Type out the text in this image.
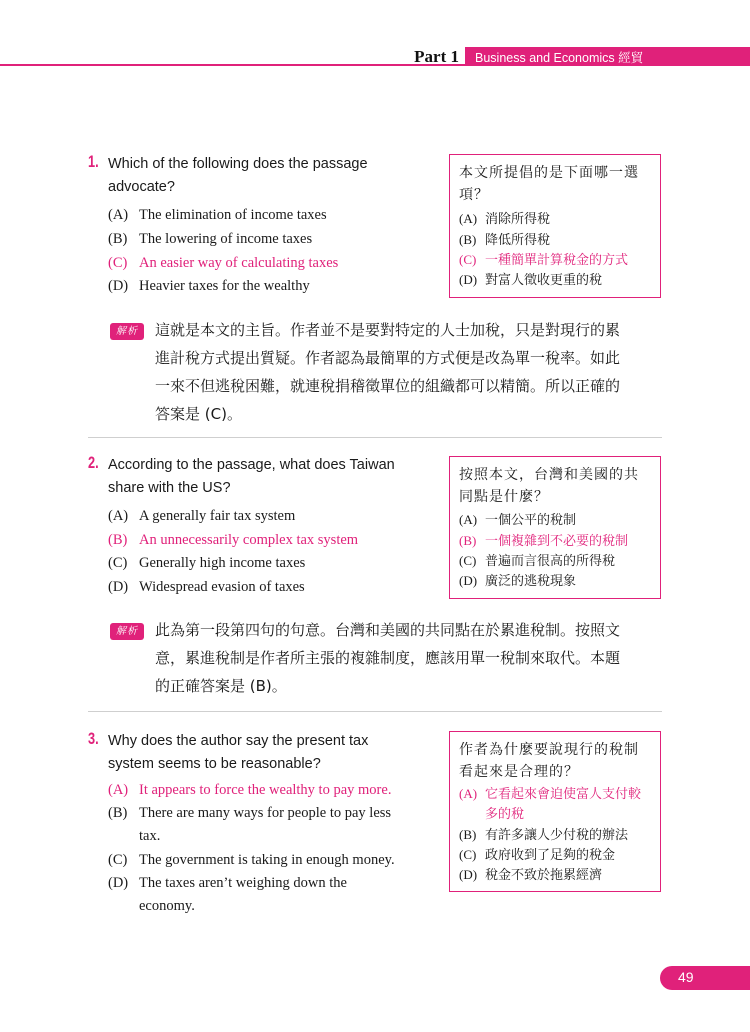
Part 1 Business and Economics 經貿
1. Which of the following does the passage
advocate?
(A) The elimination of income taxes
(B) The lowering of income taxes
(C) An easier way of calculating taxes
(D) Heavier taxes for the wealthy
本文所提倡的是下面哪一選
項？
(A) 消除所得稅
(B) 降低所得稅
(C) 一種簡單計算稅金的方式
(D) 對富人徵收更重的稅
解析	這就是本文的主旨。作者並不是要對特定的人士加稅，只是對現行的累
進計稅方式提出質疑。作者認為最簡單的方式便是改為單一稅率。如此
一來不但逃稅困難，就連稅捐稽徵單位的組織都可以精簡。所以正確的
答案是 (C)。
2. According to the passage, what does Taiwan
share with the US?
(A) A generally fair tax system
(B) An unnecessarily complex tax system
(C) Generally high income taxes
(D) Widespread evasion of taxes
按照本文，台灣和美國的共
同點是什麼？
(A) 一個公平的稅制
(B) 一個複雜到不必要的稅制
(C) 普遍而言很高的所得稅
(D) 廣泛的逃稅現象
解析	此為第一段第四句的句意。台灣和美國的共同點在於累進稅制。按照文
意，累進稅制是作者所主張的複雜制度，應該用單一稅制來取代。本題
的正確答案是 (B)。
3. Why does the author say the present tax
system seems to be reasonable?
(A) It appears to force the wealthy to pay more.
(B) There are many ways for people to pay less
tax.
(C) The government is taking in enough money.
(D) The taxes aren’t weighing down the
economy.
作者為什麼要說現行的稅制
看起來是合理的？
(A) 它看起來會迫使富人支付較
多的稅
(B) 有許多讓人少付稅的辦法
(C) 政府收到了足夠的稅金
(D) 稅金不致於拖累經濟
49
